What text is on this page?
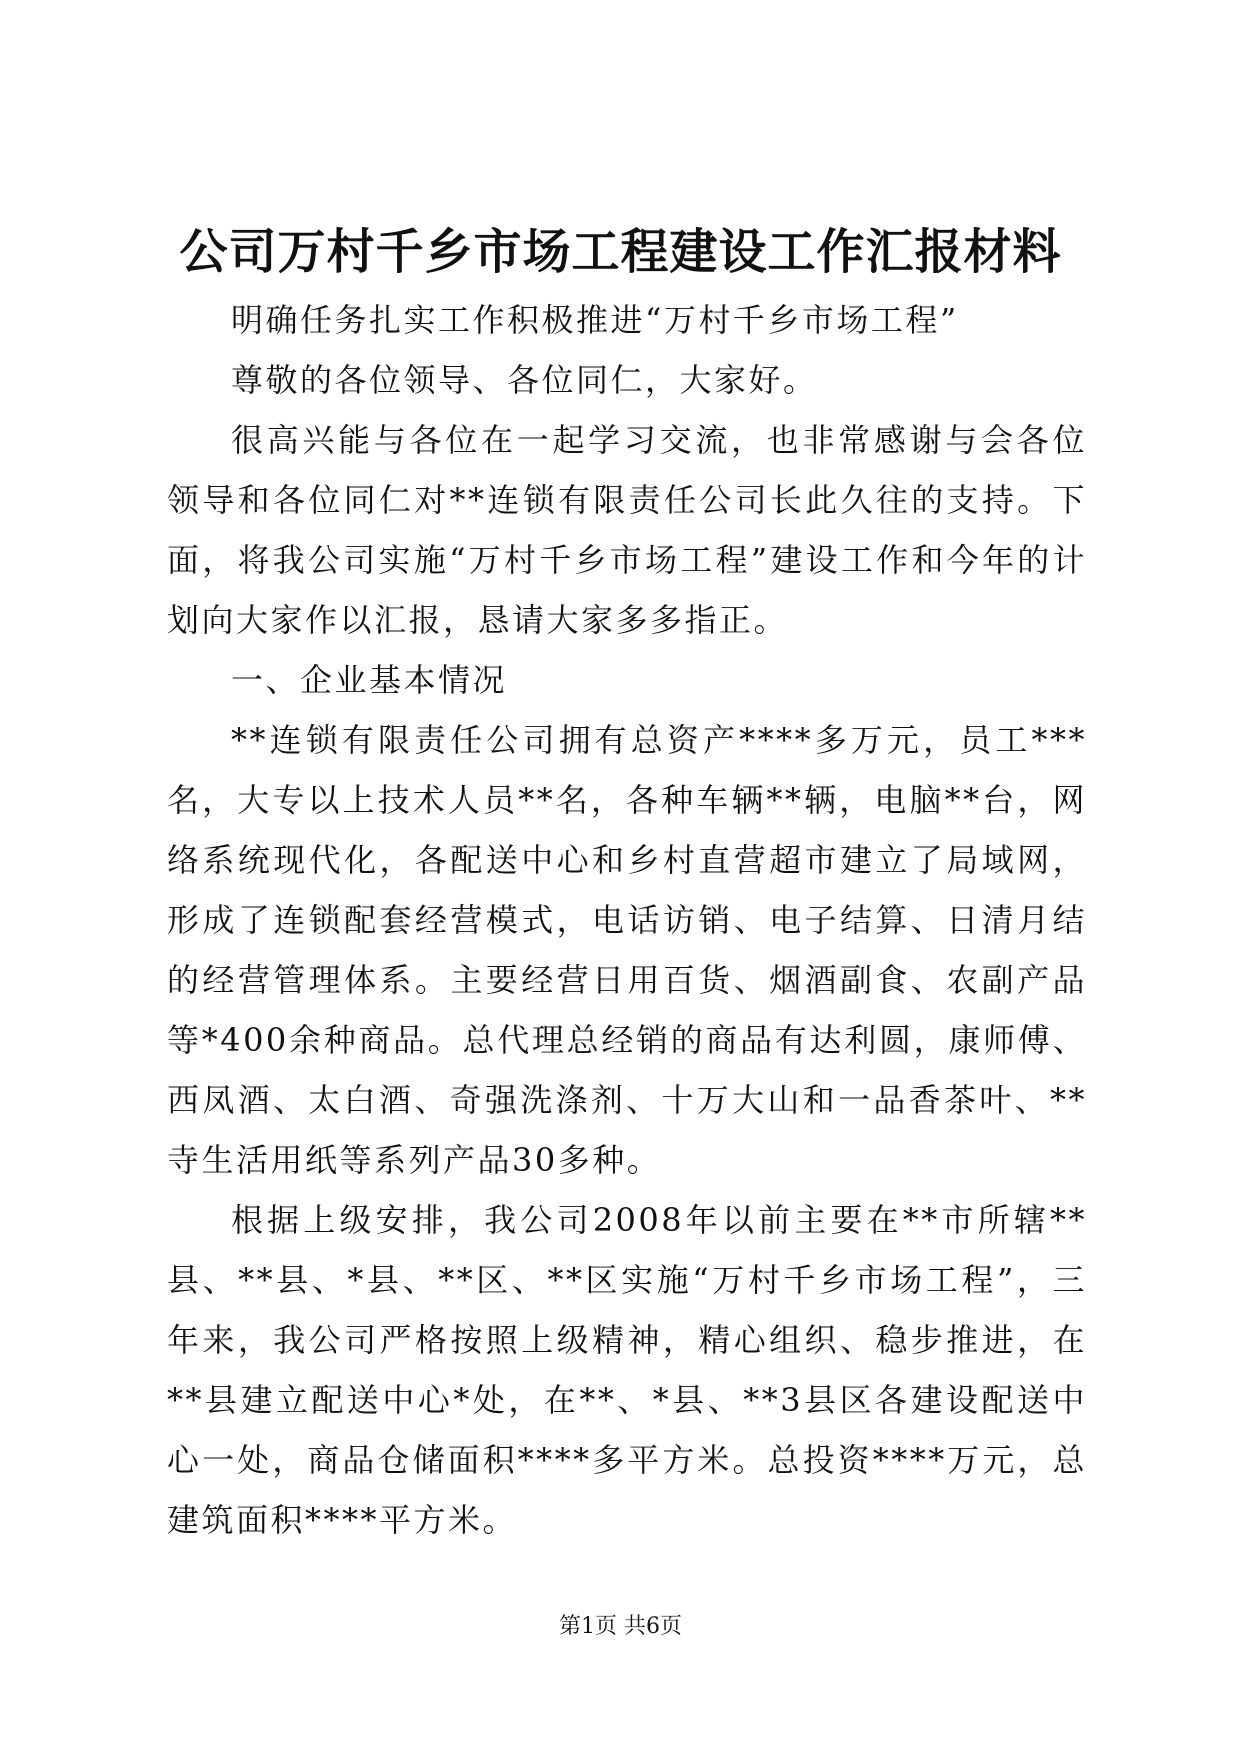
公司万村千乡市场工程建设工作汇报材料

明确任务扎实工作积极推进“万村千乡市场工程”

尊敬的各位领导、各位同仁，大家好。

很高兴能与各位在一起学习交流，也非常感谢与会各位领导和各位同仁对**连锁有限责任公司长此久往的支持。下面，将我公司实施“万村千乡市场工程”建设工作和今年的计划向大家作以汇报，恳请大家多多指正。

一、企业基本情况

**连锁有限责任公司拥有总资产****多万元，员工***名，大专以上技术人员**名，各种车辆**辆，电脑**台，网络系统现代化，各配送中心和乡村直营超市建立了局域网，形成了连锁配套经营模式，电话访销、电子结算、日清月结的经营管理体系。主要经营日用百货、烟酒副食、农副产品等*400余种商品。总代理总经销的商品有达利圆，康师傅、西凤酒、太白酒、奇强洗涤剂、十万大山和一品香茶叶、**寺生活用纸等系列产品30多种。

根据上级安排，我公司2008年以前主要在**市所辖**县、**县、*县、**区、**区实施“万村千乡市场工程”，三年来，我公司严格按照上级精神，精心组织、稳步推进，在**县建立配送中心*处，在**、*县、**3县区各建设配送中心一处，商品仓储面积****多平方米。总投资****万元，总建筑面积****平方米。

第1页 共6页
